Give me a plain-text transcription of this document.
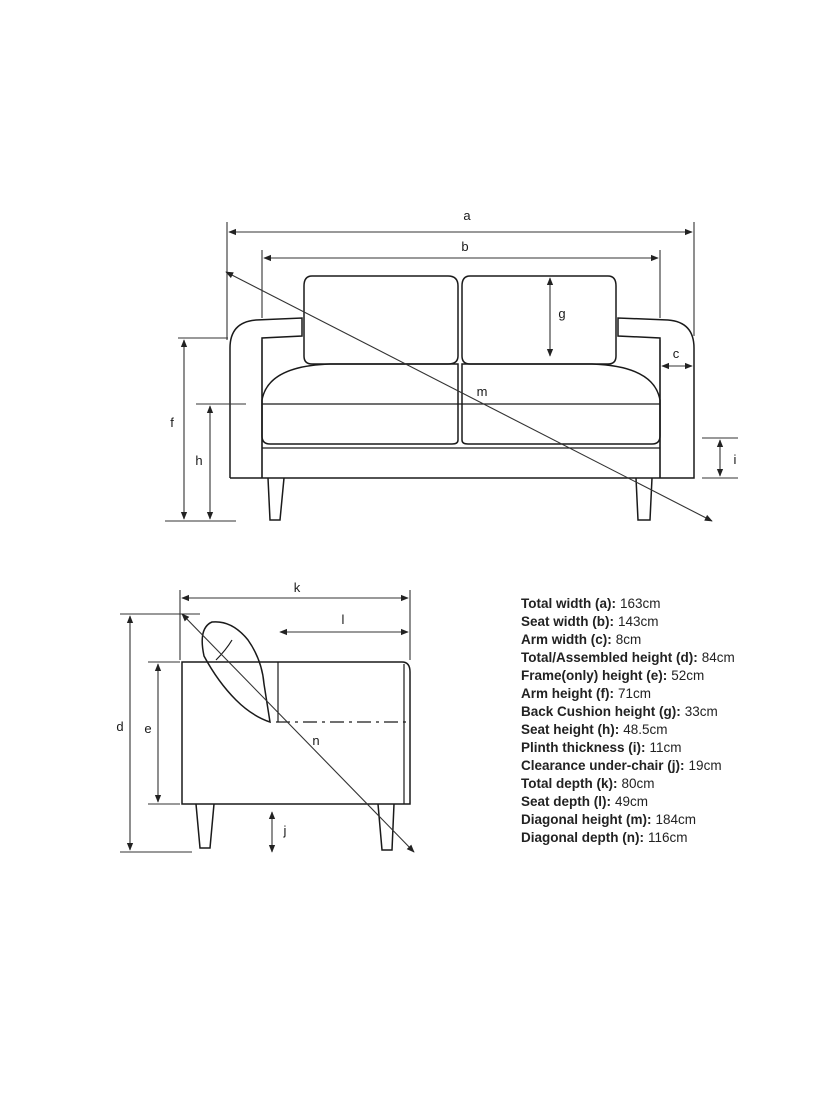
a
b
g
c
f
h	i
m
k
l
d e
j
n
Total width (a): 163cm
Seat width (b): 143cm
Arm width (c): 8cm
Total/Assembled height (d): 84cm
Frame(only) height (e): 52cm
Arm height (f): 71cm
Back Cushion height (g): 33cm
Seat height (h): 48.5cm
Plinth thickness (i): 11cm
Clearance under-chair (j): 19cm
Total depth (k): 80cm
Seat depth (l): 49cm
Diagonal height (m): 184cm
Diagonal depth (n): 116cm
